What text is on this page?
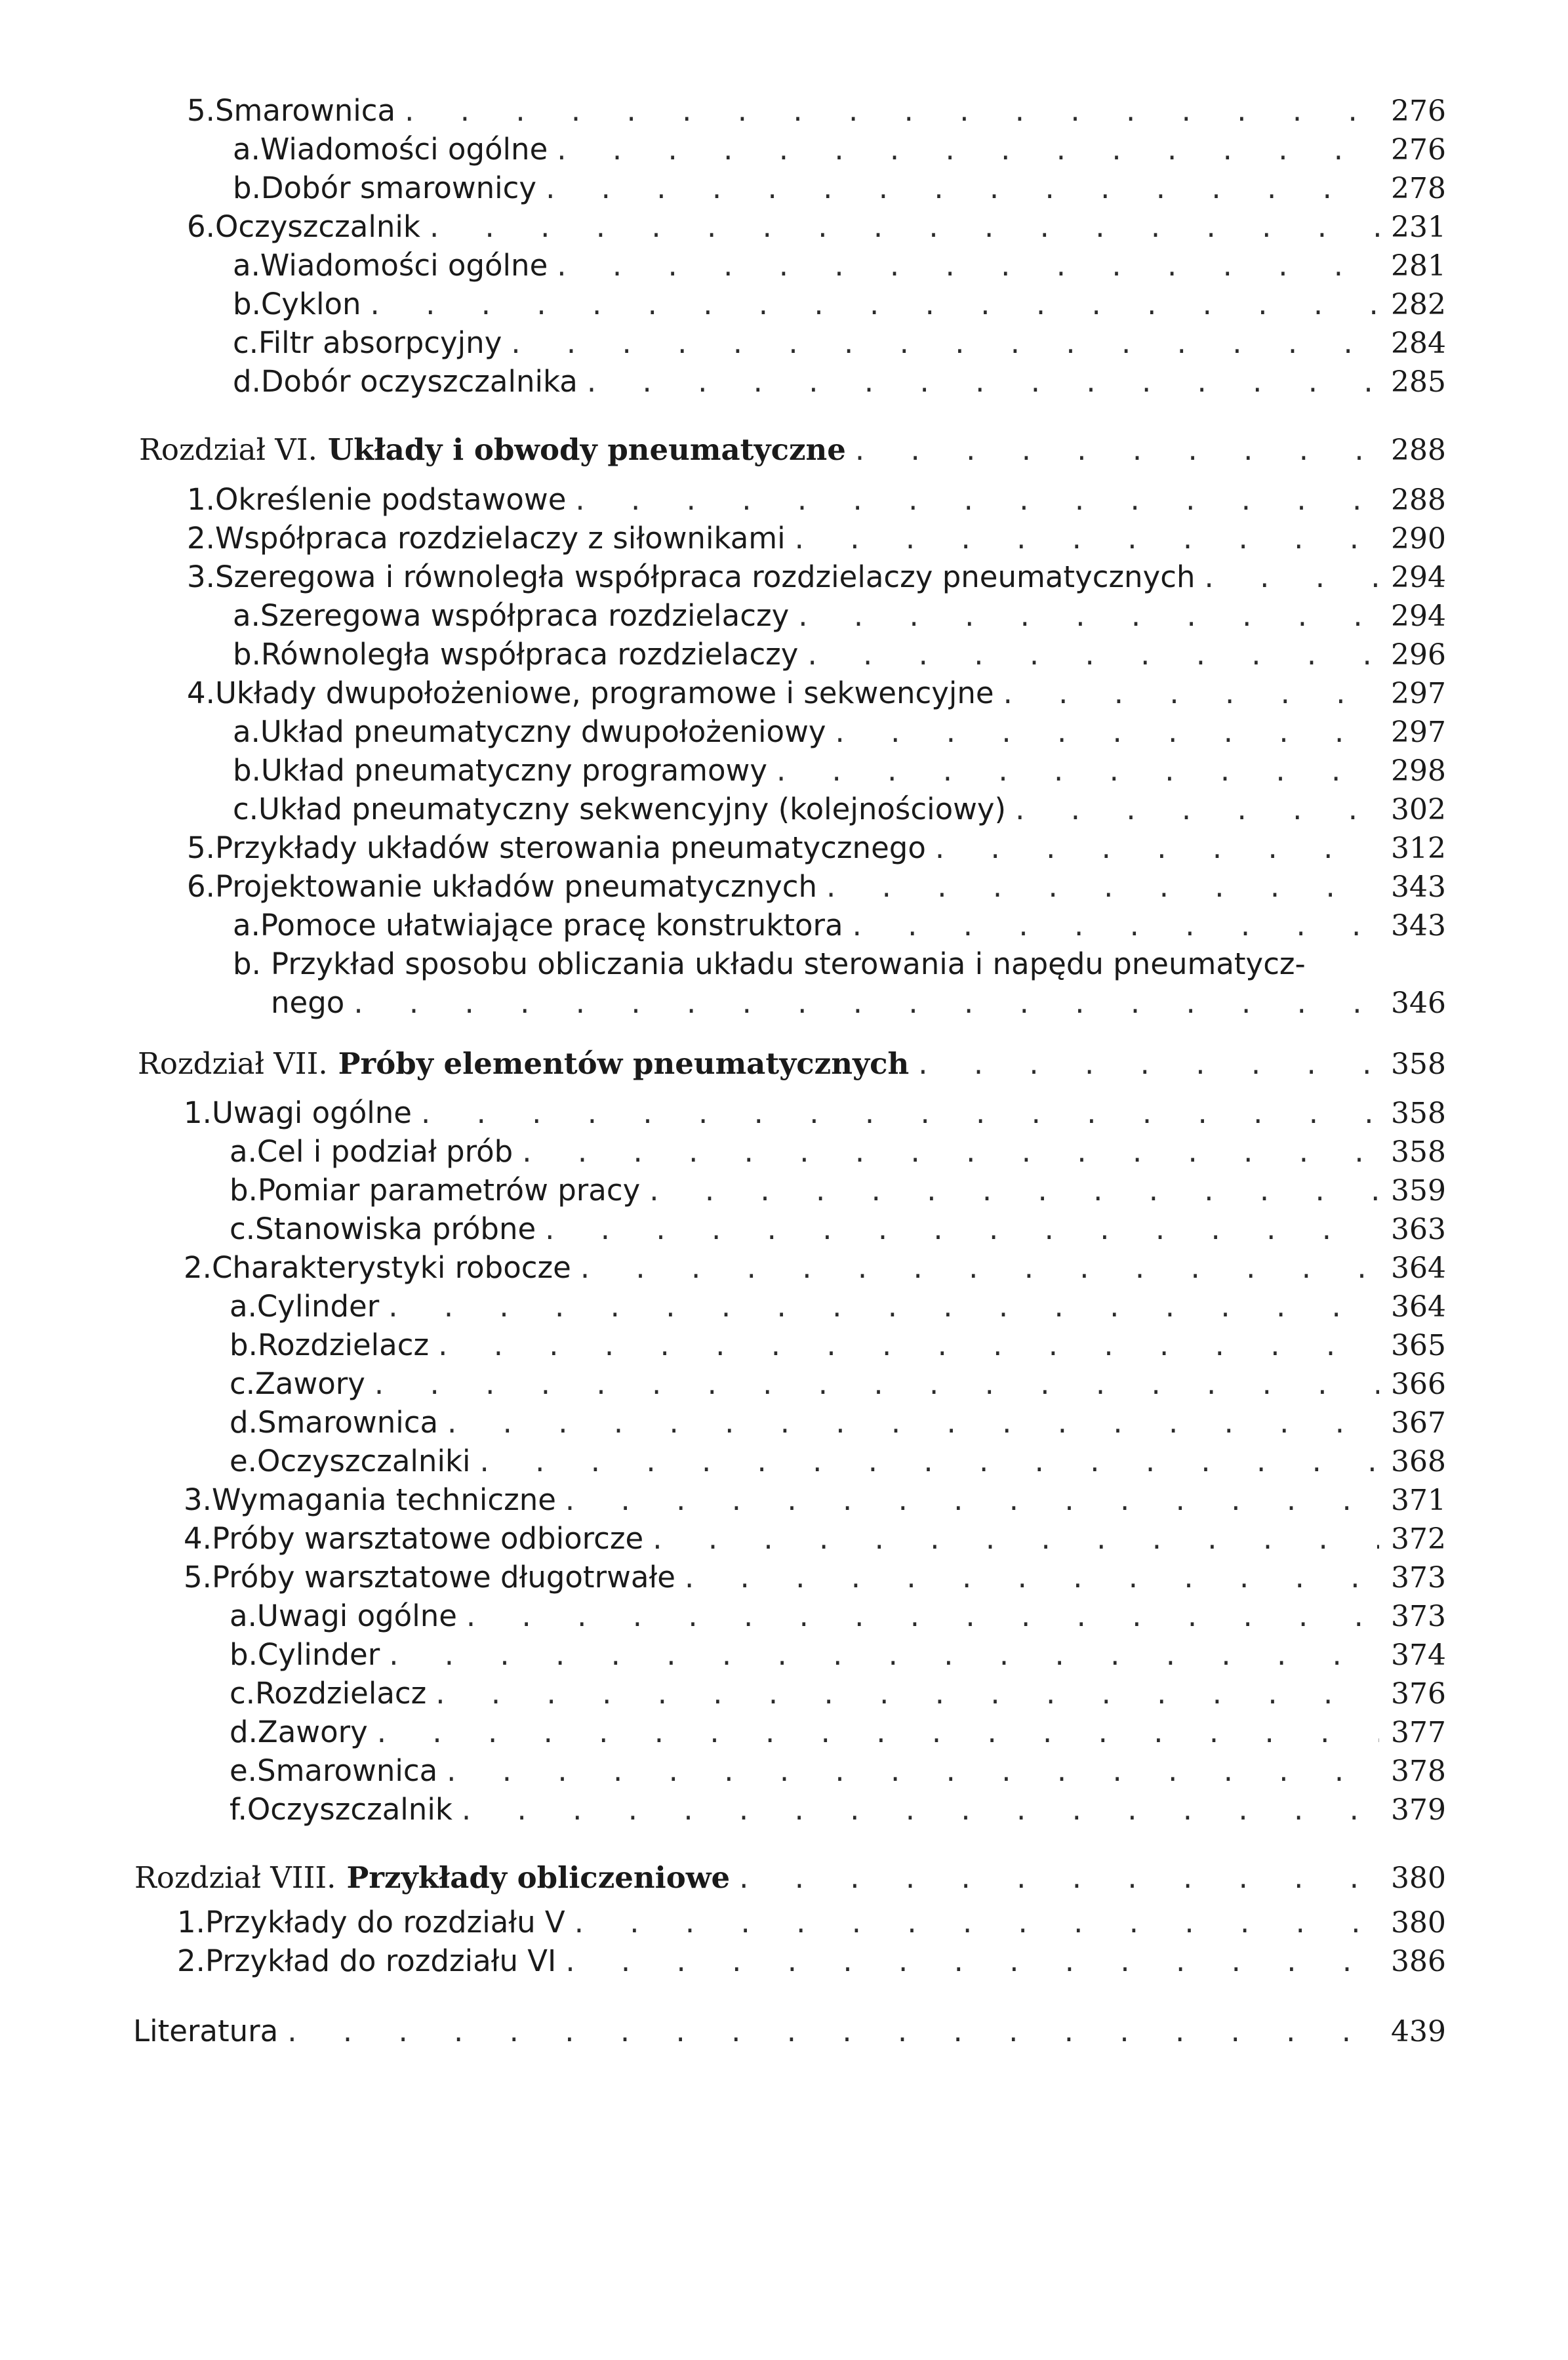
5. Smarownica . . .	276
a. Wiadomości ogólne . . .	276
b. Dobór smarownicy . . .	278
6. Oczyszczalnik . . .	231
a. Wiadomości ogólne . . .	281
b. Cyklon . . .	282
c. Filtr absorpcyjny . . .	284
d. Dobór oczyszczalnika . . .	285
Rozdział VI. Układy i obwody pneumatyczne . . .	288
1. Określenie podstawowe . . .	288
2. Współpraca rozdzielaczy z siłownikami . . .	290
3. Szeregowa i równoległa współpraca rozdzielaczy pneumatycznych . . .	294
a. Szeregowa współpraca rozdzielaczy . . .	294
b. Równoległa współpraca rozdzielaczy . . .	296
4. Układy dwupołożeniowe, programowe i sekwencyjne . . .	297
a. Układ pneumatyczny dwupołożeniowy . . .	297
b. Układ pneumatyczny programowy . . .	298
c. Układ pneumatyczny sekwencyjny (kolejnościowy) . . .	302
5. Przykłady układów sterowania pneumatycznego . . .	312
6. Projektowanie układów pneumatycznych . . .	343
a. Pomoce ułatwiające pracę konstruktora . . .	343
b. Przykład sposobu obliczania układu sterowania i napędu pneumatycz-
nego . . .	346
Rozdział VII. Próby elementów pneumatycznych . . .	358
1. Uwagi ogólne . . .	358
a. Cel i podział prób . . .	358
b. Pomiar parametrów pracy . . .	359
c. Stanowiska próbne . . .	363
2. Charakterystyki robocze . . .	364
a. Cylinder . . .	364
b. Rozdzielacz . . .	365
c. Zawory . . .	366
d. Smarownica . . .	367
e. Oczyszczalniki . . .	368
3. Wymagania techniczne . . .	371
4. Próby warsztatowe odbiorcze . . .	372
5. Próby warsztatowe długotrwałe . . .	373
a. Uwagi ogólne . . .	373
b. Cylinder . . .	374
c. Rozdzielacz . . .	376
d. Zawory . . .	377
e. Smarownica . . .	378
f. Oczyszczalnik . . .	379
Rozdział VIII. Przykłady obliczeniowe . . .	380
1. Przykłady do rozdziału V . . .	380
2. Przykład do rozdziału VI . . .	386
Literatura . . .	439
